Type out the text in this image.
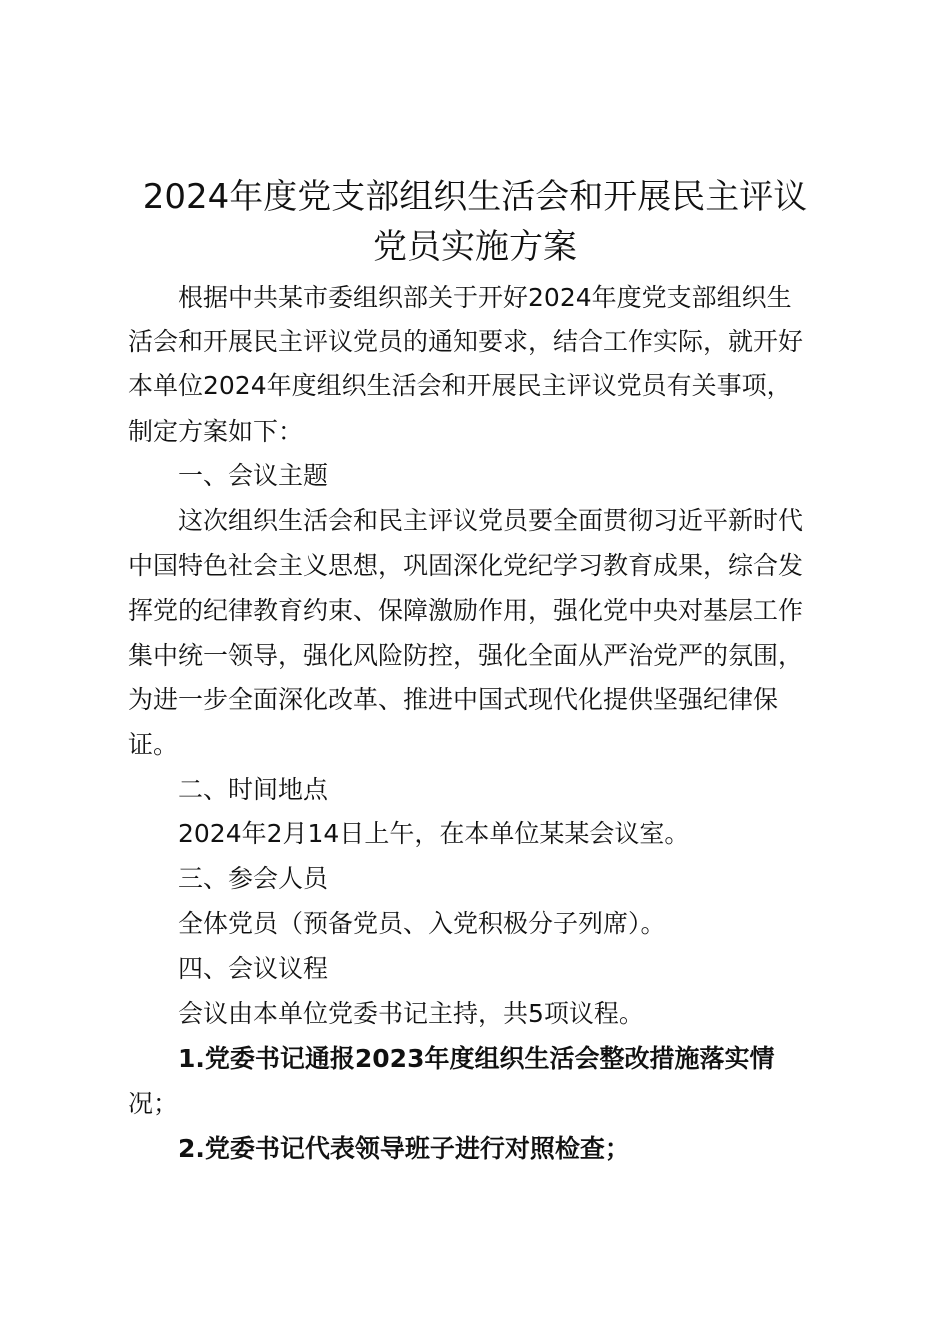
2024年度党支部组织生活会和开展民主评议
党员实施方案
根据中共某市委组织部关于开好2024年度党支部组织生
活会和开展民主评议党员的通知要求，结合工作实际，就开好
本单位2024年度组织生活会和开展民主评议党员有关事项，
制定方案如下：
一、会议主题
这次组织生活会和民主评议党员要全面贯彻习近平新时代
中国特色社会主义思想，巩固深化党纪学习教育成果，综合发
挥党的纪律教育约束、保障激励作用，强化党中央对基层工作
集中统一领导，强化风险防控，强化全面从严治党严的氛围，
为进一步全面深化改革、推进中国式现代化提供坚强纪律保
证。
二、时间地点
2024年2月14日上午，在本单位某某会议室。
三、参会人员
全体党员（预备党员、入党积极分子列席）。
四、会议议程
会议由本单位党委书记主持，共5项议程。
1.党委书记通报2023年度组织生活会整改措施落实情
况；
2.党委书记代表领导班子进行对照检查；
